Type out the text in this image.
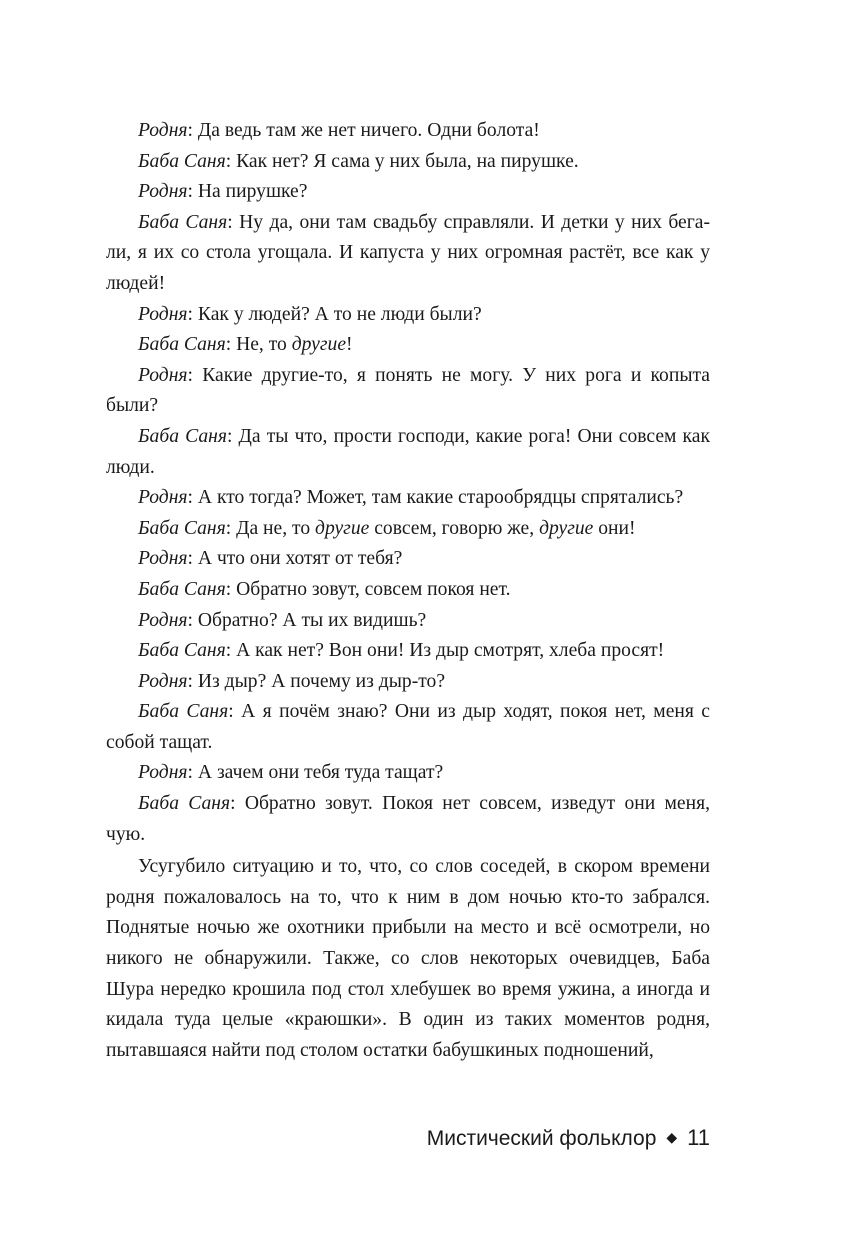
Родня: Да ведь там же нет ничего. Одни болота!

Баба Саня: Как нет? Я сама у них была, на пирушке.

Родня: На пирушке?

Баба Саня: Ну да, они там свадьбу справляли. И детки у них бега-ли, я их со стола угощала. И капуста у них огромная растёт, все как у людей!

Родня: Как у людей? А то не люди были?

Баба Саня: Не, то другие!

Родня: Какие другие-то, я понять не могу. У них рога и копыта были?

Баба Саня: Да ты что, прости господи, какие рога! Они совсем как люди.

Родня: А кто тогда? Может, там какие старообрядцы спрятались?

Баба Саня: Да не, то другие совсем, говорю же, другие они!

Родня: А что они хотят от тебя?

Баба Саня: Обратно зовут, совсем покоя нет.

Родня: Обратно? А ты их видишь?

Баба Саня: А как нет? Вон они! Из дыр смотрят, хлеба просят!

Родня: Из дыр? А почему из дыр-то?

Баба Саня: А я почём знаю? Они из дыр ходят, покоя нет, меня с собой тащат.

Родня: А зачем они тебя туда тащат?

Баба Саня: Обратно зовут. Покоя нет совсем, изведут они меня, чую.

Усугубило ситуацию и то, что, со слов соседей, в скором времени родня пожаловалось на то, что к ним в дом ночью кто-то забрался. Поднятые ночью же охотники прибыли на место и всё осмотрели, но никого не обнаружили. Также, со слов некоторых очевидцев, Баба Шура нередко крошила под стол хлебушек во время ужина, а иногда и кидала туда целые «краюшки». В один из таких моментов родня, пытавшаяся найти под столом остатки бабушкиных подношений,

Мистический фольклор ◆ 11
